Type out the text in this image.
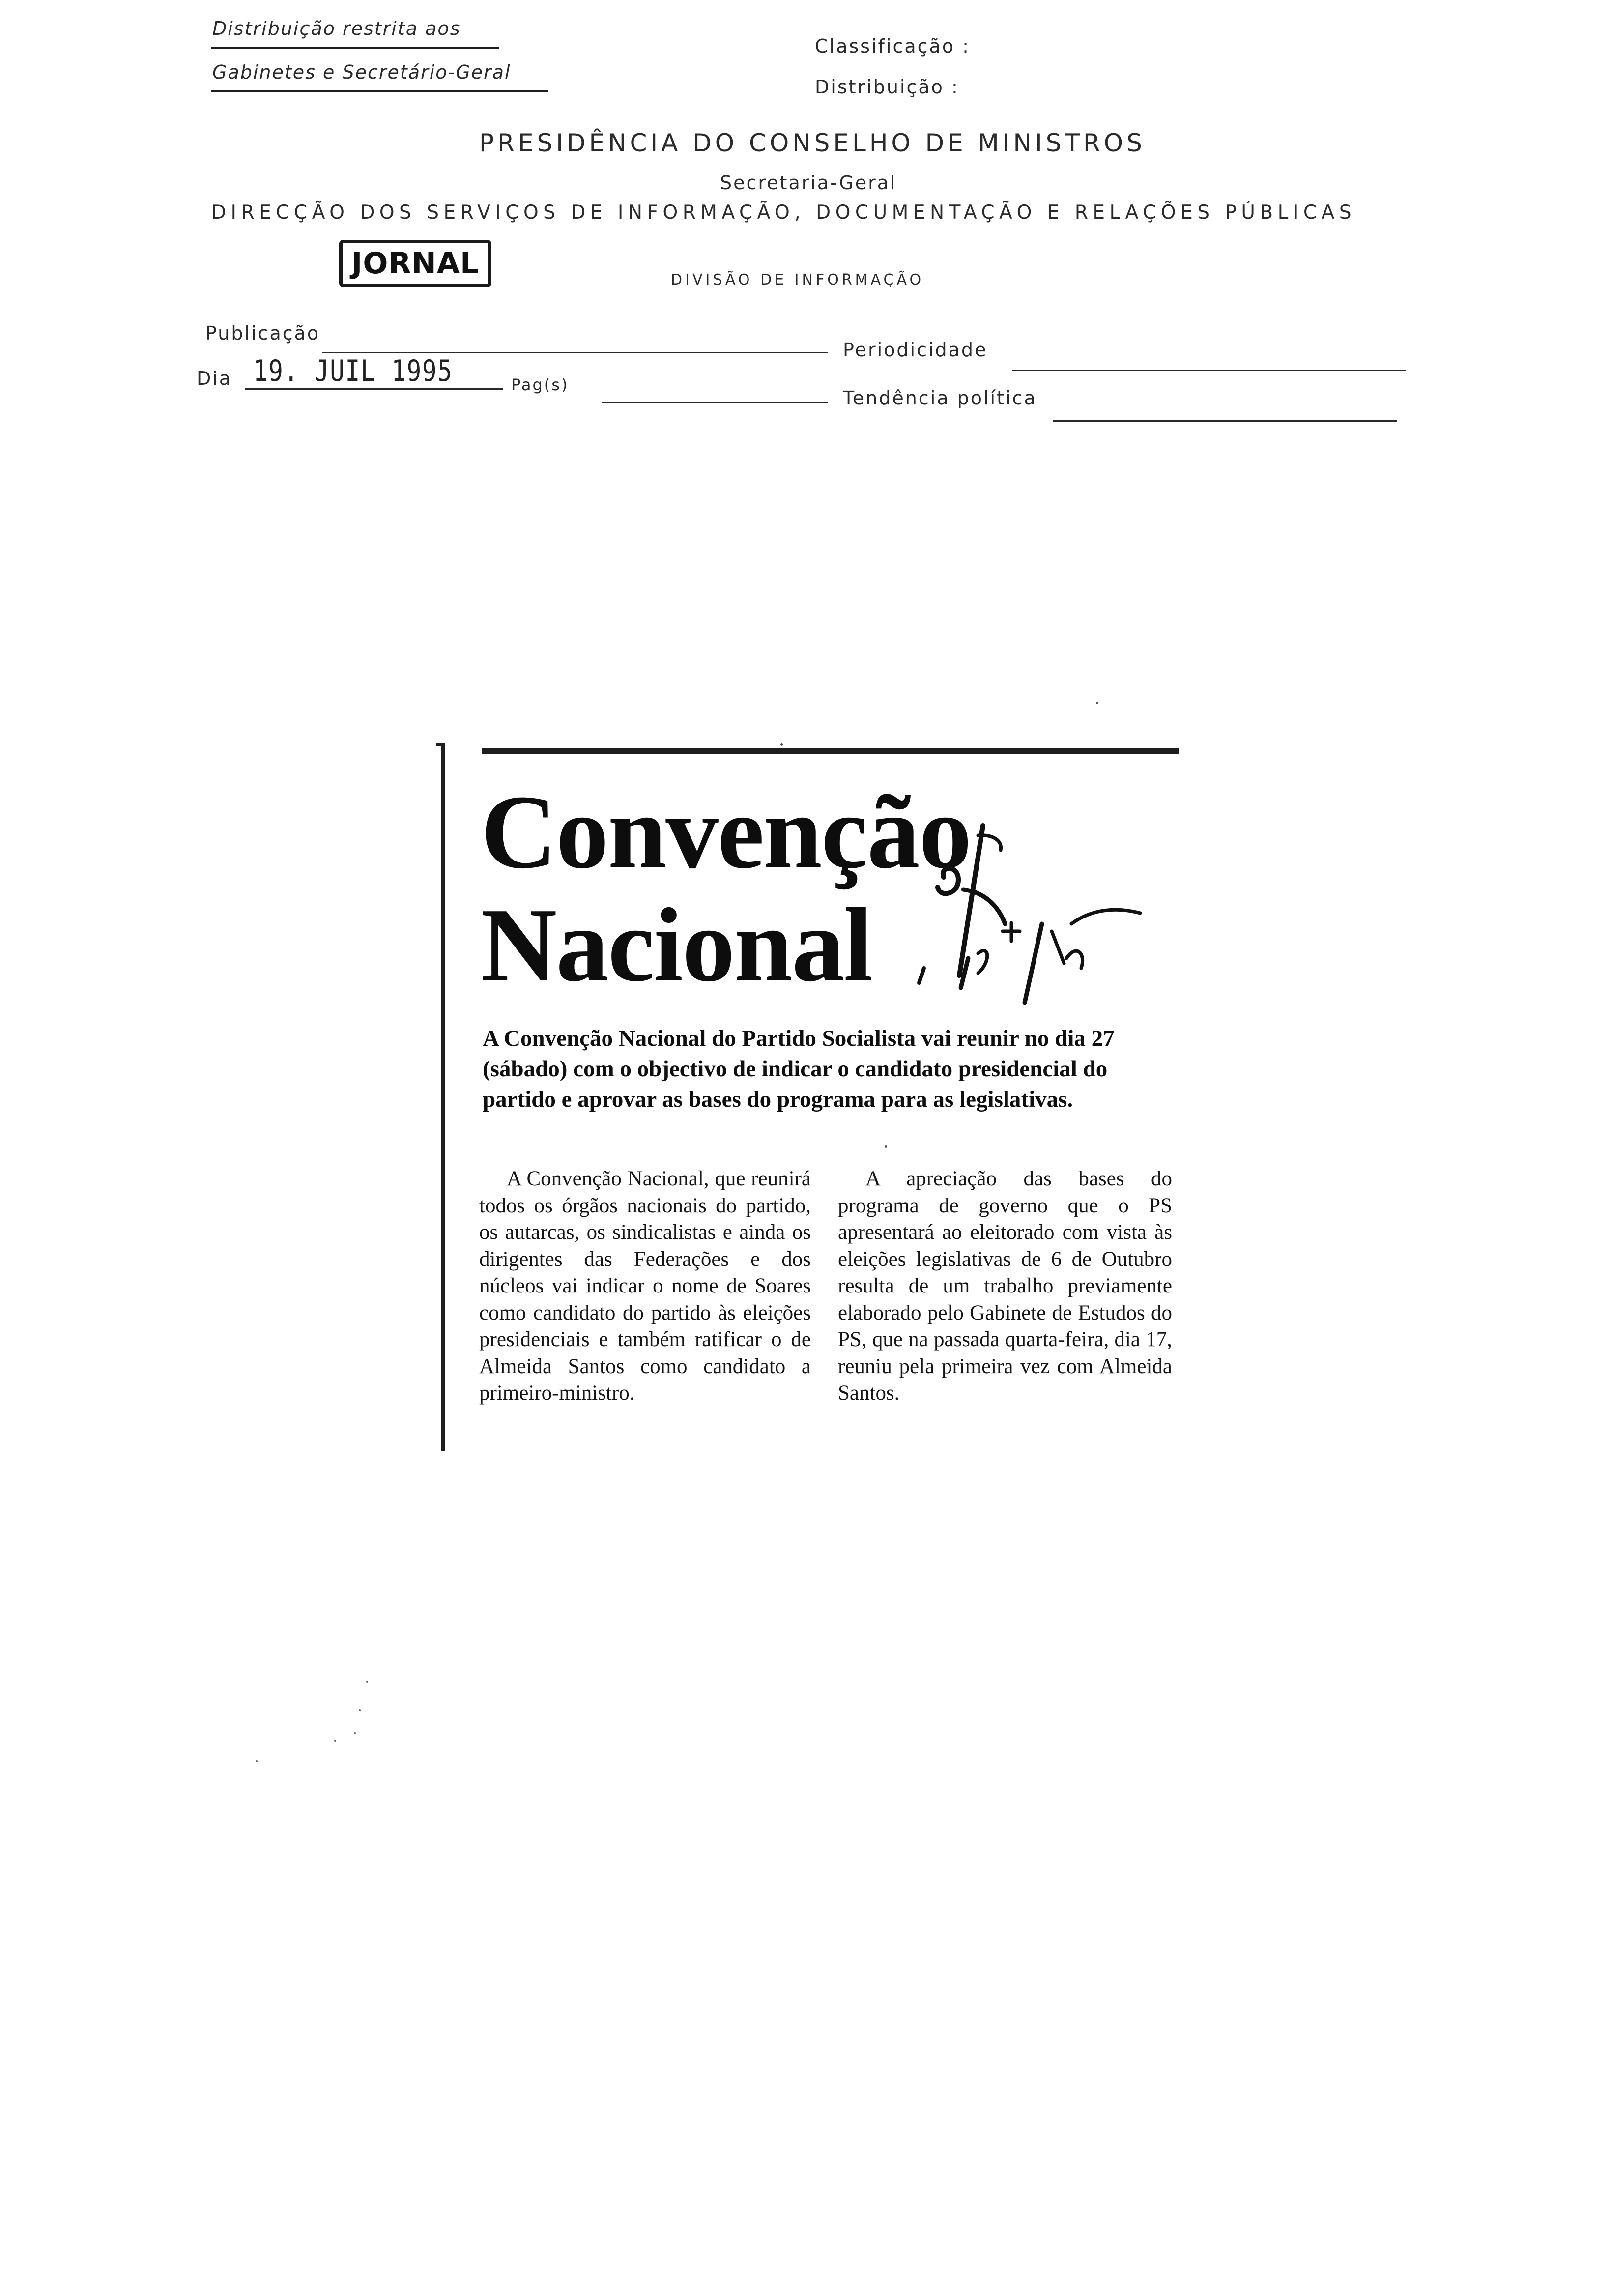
Distribuição restrita aos
Gabinetes e Secretário-Geral
Classificação :
Distribuição :
PRESIDÊNCIA DO CONSELHO DE MINISTROS
Secretaria-Geral
DIRECÇÃO DOS SERVIÇOS DE INFORMAÇÃO, DOCUMENTAÇÃO E RELAÇÕES PÚBLICAS
JORNAL	DIVISÃO DE INFORMAÇÃO
Publicação
Periodicidade
Dia 19. JUIL 1995	Pag(s)
Tendência política
Convenção
Nacional
A Convenção Nacional do Partido Socialista vai reunir no dia 27 (sábado) com o objectivo de indicar o candidato presidencial do partido e aprovar as bases do programa para as legislativas.
A Convenção Nacional, que reunirá todos os órgãos nacionais do partido, os autarcas, os sindicalistas e ainda os dirigentes das Federações e dos núcleos vai indicar o nome de Soares como candidato do partido às eleições presidenciais e também ratificar o de Almeida Santos como candidato a primeiro-ministro.
A apreciação das bases do programa de governo que o PS apresentará ao eleitorado com vista às eleições legislativas de 6 de Outubro resulta de um trabalho previamente elaborado pelo Gabinete de Estudos do PS, que na passada quarta-feira, dia 17, reuniu pela primeira vez com Almeida Santos.
